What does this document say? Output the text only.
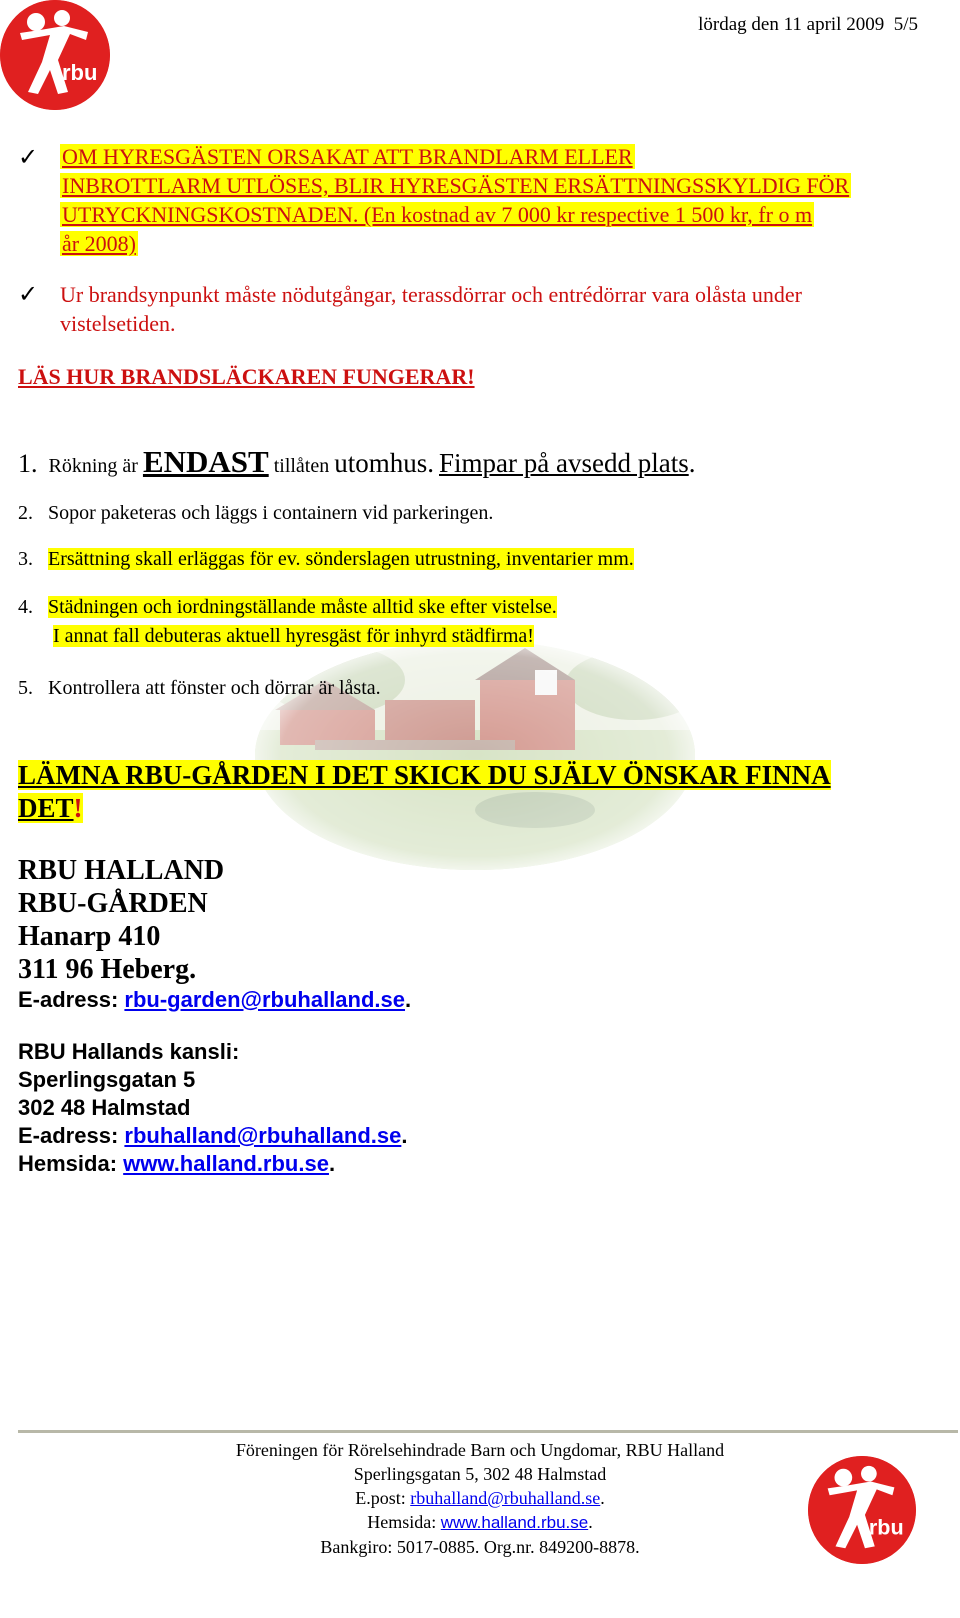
rbu
lördag den 11 april 2009 5/5
✓ OM HYRESGÄSTEN ORSAKAT ATT BRANDLARM ELLER
INBROTTLARM UTLÖSES, BLIR HYRESGÄSTEN ERSÄTTNINGSSKYLDIG FÖR
UTRYCKNINGSKOSTNADEN. (En kostnad av 7 000 kr respective 1 500 kr, fr o m
år 2008)
✓ Ur brandsynpunkt måste nödutgångar, terassdörrar och entrédörrar vara olåsta under
vistelsetiden.
LÄS HUR BRANDSLÄCKAREN FUNGERAR!
1. Rökning är ENDAST tillåten utomhus. Fimpar på avsedd plats.
2. Sopor paketeras och läggs i containern vid parkeringen.
3. Ersättning skall erläggas för ev. sönderslagen utrustning, inventarier mm.
4. Städningen och iordningställande måste alltid ske efter vistelse.
I annat fall debuteras aktuell hyresgäst för inhyrd städfirma!
5. Kontrollera att fönster och dörrar är låsta.
LÄMNA RBU-GÅRDEN I DET SKICK DU SJÄLV ÖNSKAR FINNA
DET!
RBU HALLAND
RBU-GÅRDEN
Hanarp 410
311 96 Heberg.
E-adress: rbu-garden@rbuhalland.se.
RBU Hallands kansli:
Sperlingsgatan 5
302 48 Halmstad
E-adress: rbuhalland@rbuhalland.se.
Hemsida: www.halland.rbu.se.
Föreningen för Rörelsehindrade Barn och Ungdomar, RBU Halland
Sperlingsgatan 5, 302 48 Halmstad
E.post: rbuhalland@rbuhalland.se.
Hemsida: www.halland.rbu.se.
Bankgiro: 5017-0885. Org.nr. 849200-8878.
rbu
